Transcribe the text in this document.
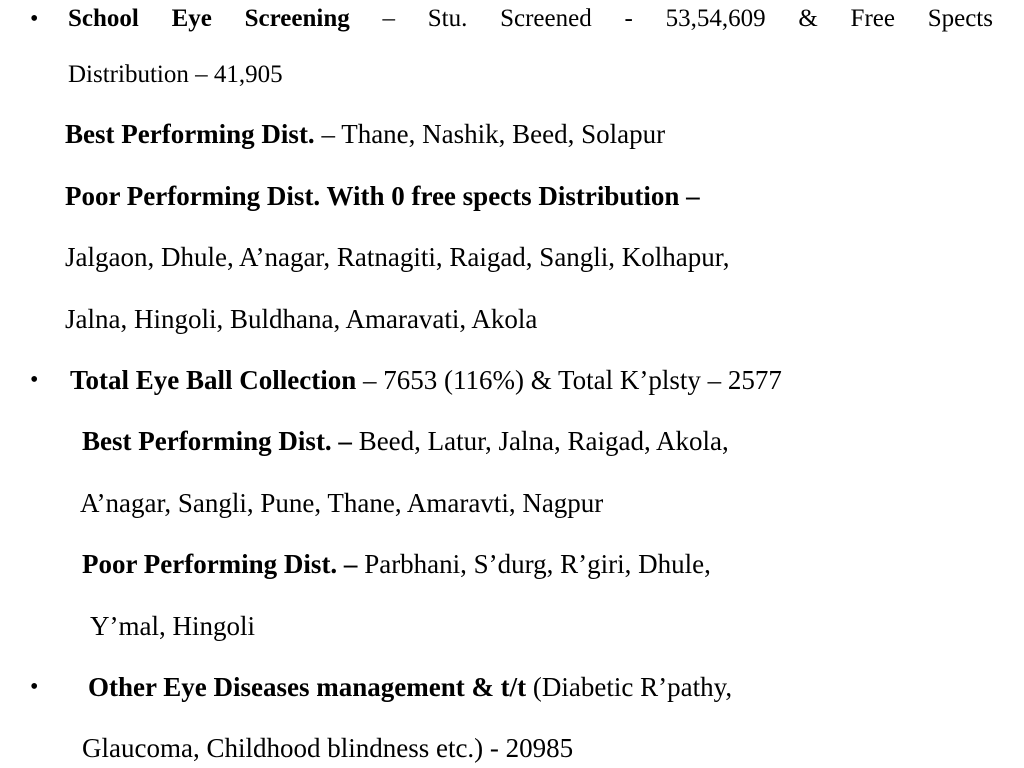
• School Eye Screening – Stu. Screened - 53,54,609 & Free Spects
Distribution – 41,905
Best Performing Dist. – Thane, Nashik, Beed, Solapur
Poor Performing Dist. With 0 free spects Distribution –
Jalgaon, Dhule, A’nagar, Ratnagiti, Raigad, Sangli, Kolhapur,
Jalna, Hingoli, Buldhana, Amaravati, Akola
• Total Eye Ball Collection – 7653 (116%) & Total K’plsty – 2577
Best Performing Dist. – Beed, Latur, Jalna, Raigad, Akola,
A’nagar, Sangli, Pune, Thane, Amaravti, Nagpur
Poor Performing Dist. – Parbhani, S’durg, R’giri, Dhule,
Y’mal, Hingoli
• Other Eye Diseases management & t/t (Diabetic R’pathy,
Glaucoma, Childhood blindness etc.) - 20985
